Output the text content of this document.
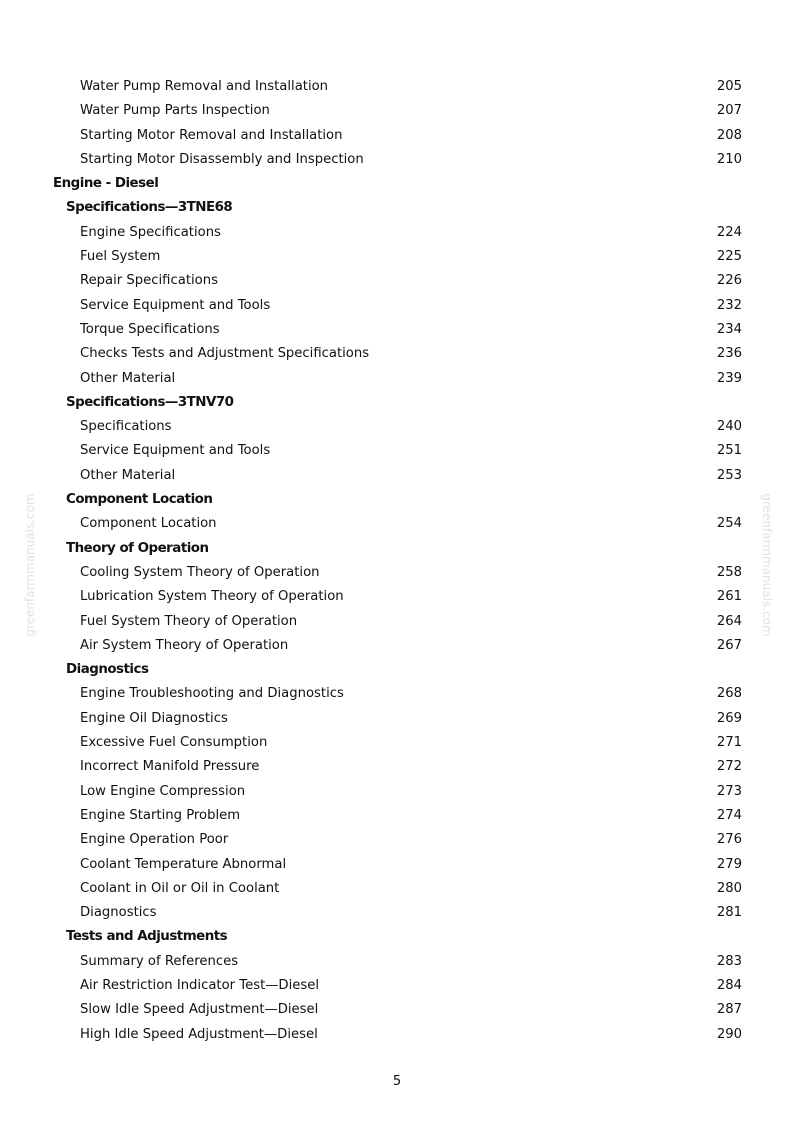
greenfarmmanuals.com	greenfarmmanuals.com
Water Pump Removal and Installation	205
Water Pump Parts Inspection	207
Starting Motor Removal and Installation	208
Starting Motor Disassembly and Inspection	210
Engine - Diesel
Specifications—3TNE68
Engine Specifications	224
Fuel System	225
Repair Specifications	226
Service Equipment and Tools	232
Torque Specifications	234
Checks Tests and Adjustment Specifications	236
Other Material	239
Specifications—3TNV70
Specifications	240
Service Equipment and Tools	251
Other Material	253
Component Location
Component Location	254
Theory of Operation
Cooling System Theory of Operation	258
Lubrication System Theory of Operation	261
Fuel System Theory of Operation	264
Air System Theory of Operation	267
Diagnostics
Engine Troubleshooting and Diagnostics	268
Engine Oil Diagnostics	269
Excessive Fuel Consumption	271
Incorrect Manifold Pressure	272
Low Engine Compression	273
Engine Starting Problem	274
Engine Operation Poor	276
Coolant Temperature Abnormal	279
Coolant in Oil or Oil in Coolant	280
Diagnostics	281
Tests and Adjustments
Summary of References	283
Air Restriction Indicator Test—Diesel	284
Slow Idle Speed Adjustment—Diesel	287
High Idle Speed Adjustment—Diesel	290
5
